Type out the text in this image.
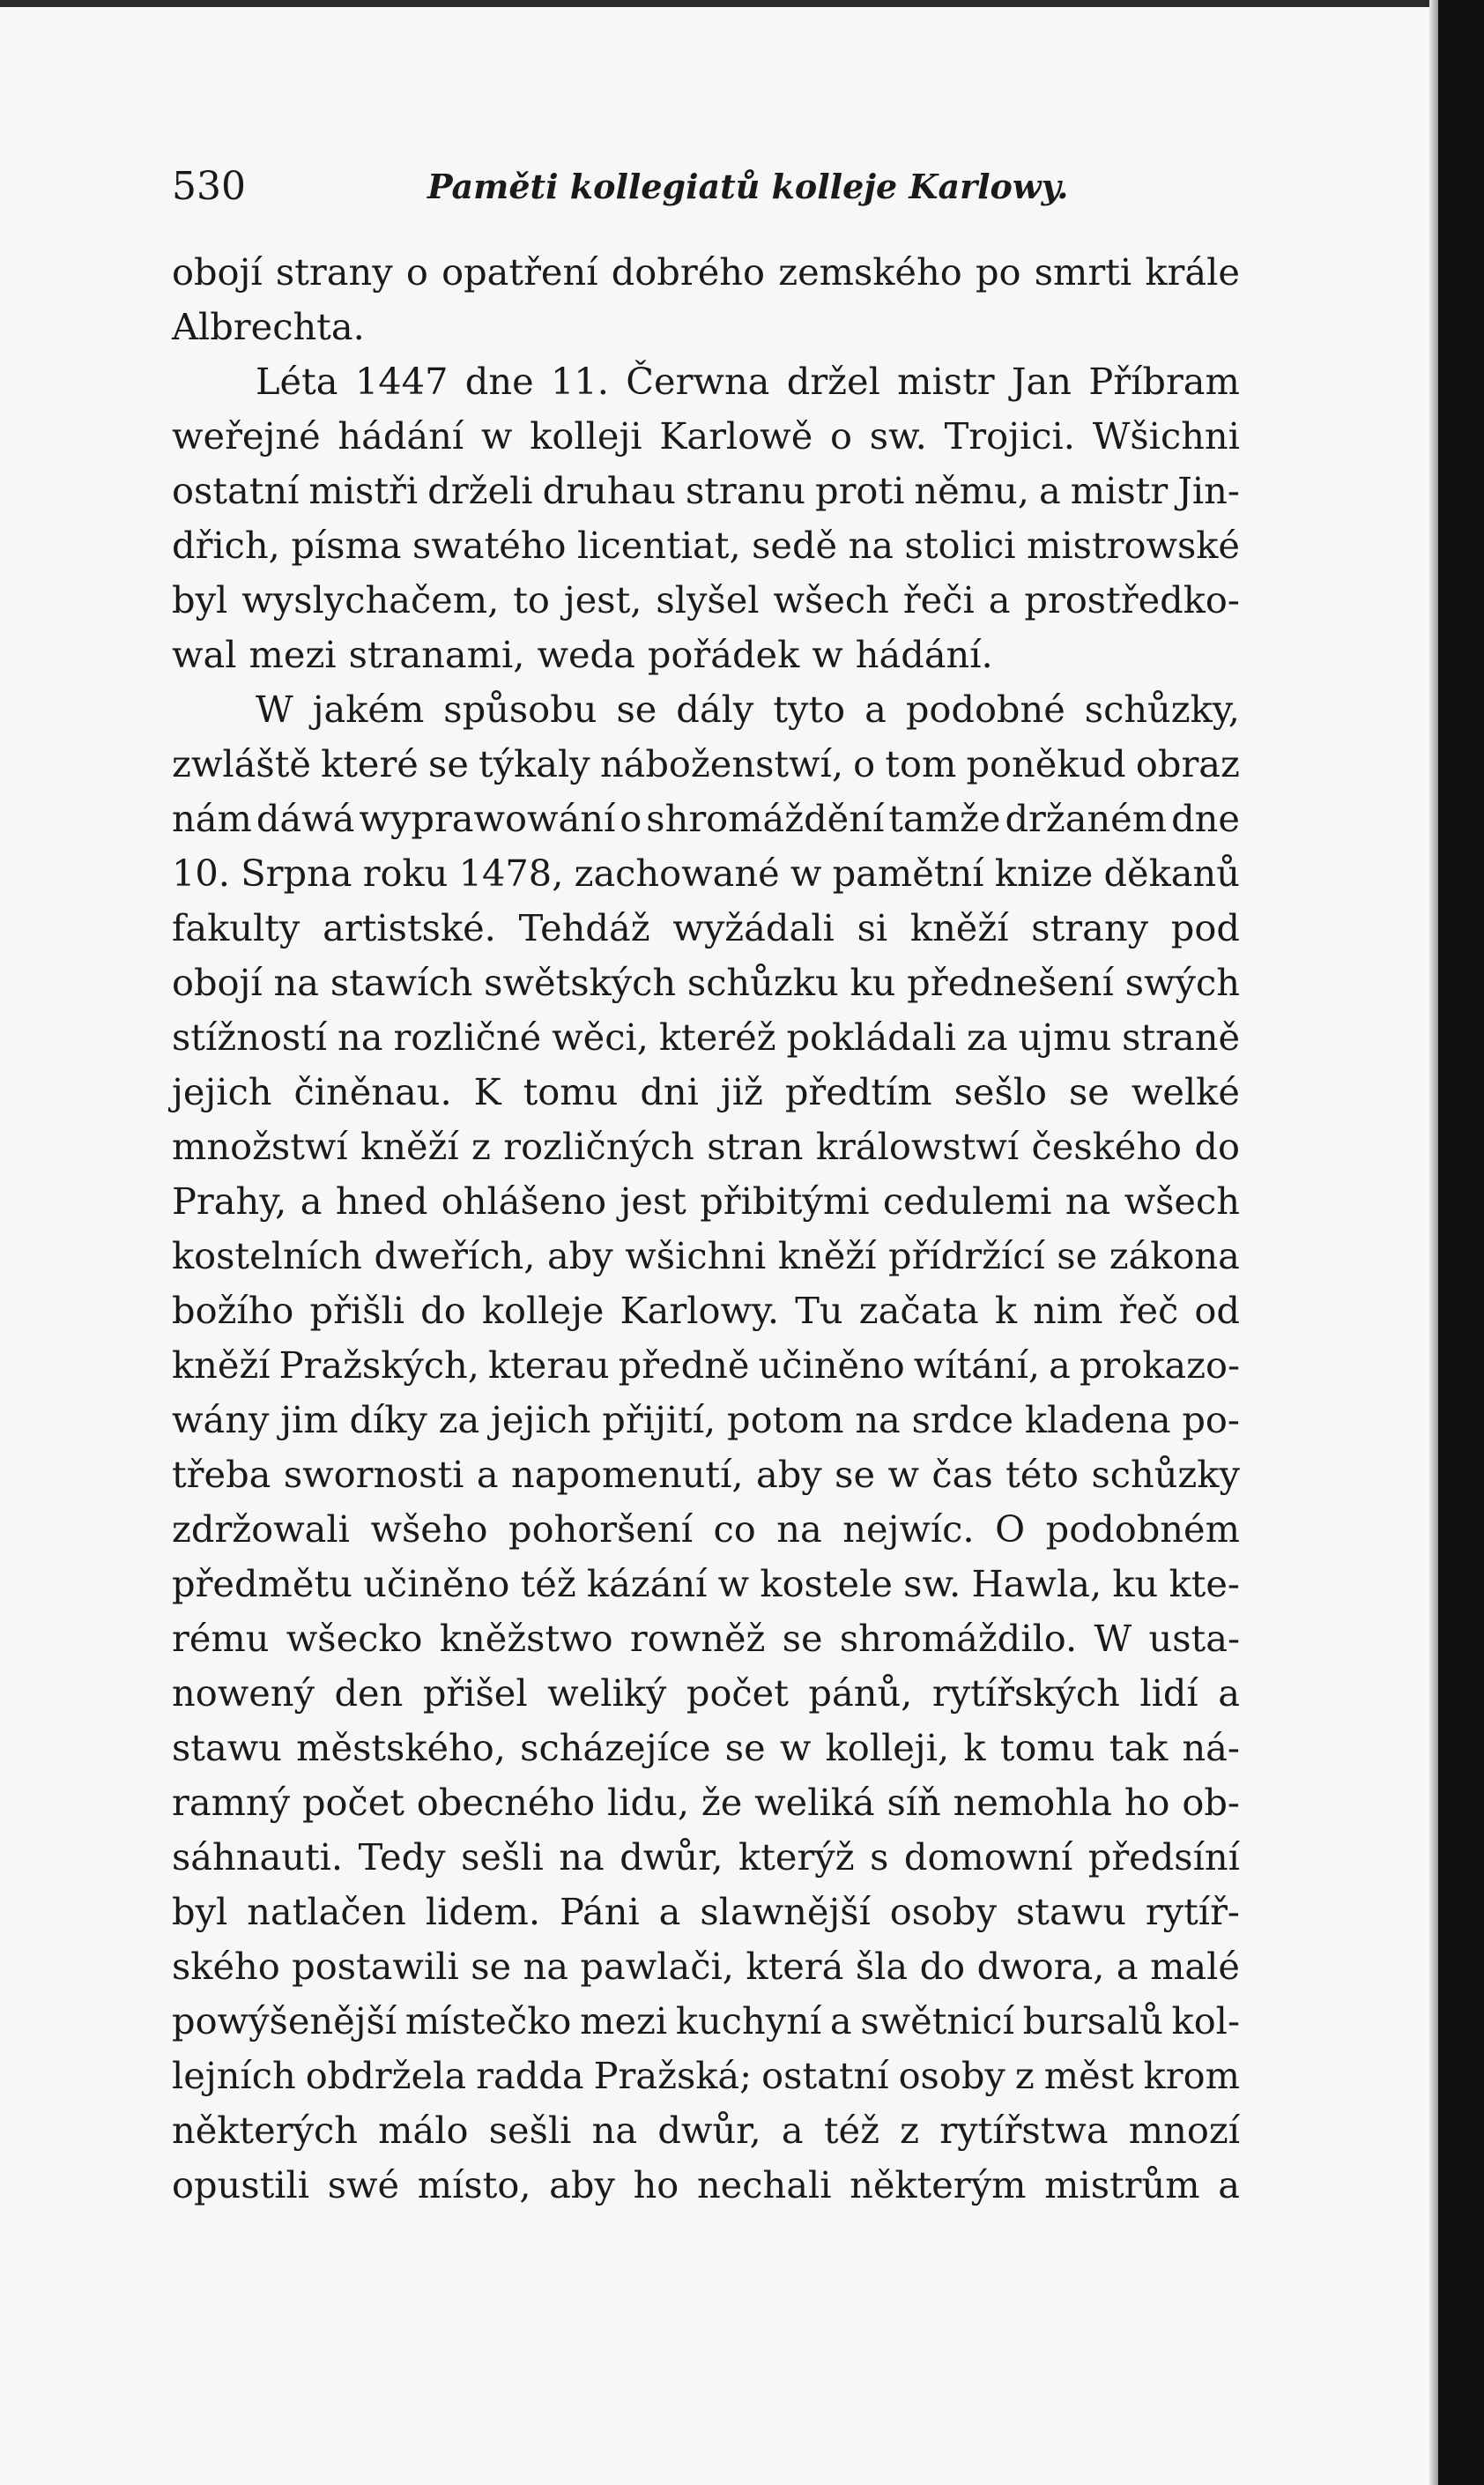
530	Paměti kollegiatů kolleje Karlowy.
obojí strany o opatření dobrého zemského po smrti krále
Albrechta.
Léta 1447 dne 11. Čerwna držel mistr Jan Příbram
weřejné hádání w kolleji Karlowě o sw. Trojici. Wšichni
ostatní mistři drželi druhau stranu proti němu, a mistr Jin-
dřich, písma swatého licentiat, sedě na stolici mistrowské
byl wyslychačem, to jest, slyšel wšech řeči a prostředko-
wal mezi stranami, weda pořádek w hádání.
W jakém spůsobu se dály tyto a podobné schůzky,
zwláště které se týkaly náboženstwí, o tom poněkud obraz
nám dáwá wyprawowání o shromáždění tamže držaném dne
10. Srpna roku 1478, zachowané w pamětní knize děkanů
fakulty artistské. Tehdáž wyžádali si kněží strany pod
obojí na stawích swětských schůzku ku přednešení swých
stížností na rozličné wěci, kteréž pokládali za ujmu straně
jejich činěnau. K tomu dni již předtím sešlo se welké
množstwí kněží z rozličných stran králowstwí českého do
Prahy, a hned ohlášeno jest přibitými cedulemi na wšech
kostelních dweřích, aby wšichni kněží přídržící se zákona
božího přišli do kolleje Karlowy. Tu začata k nim řeč od
kněží Pražských, kterau předně učiněno wítání, a prokazo-
wány jim díky za jejich přijití, potom na srdce kladena po-
třeba swornosti a napomenutí, aby se w čas této schůzky
zdržowali wšeho pohoršení co na nejwíc. O podobném
předmětu učiněno též kázání w kostele sw. Hawla, ku kte-
rému wšecko kněžstwo rowněž se shromáždilo. W usta-
nowený den přišel weliký počet pánů, rytířských lidí a
stawu městského, scházejíce se w kolleji, k tomu tak ná-
ramný počet obecného lidu, že weliká síň nemohla ho ob-
sáhnauti. Tedy sešli na dwůr, kterýž s domowní předsíní
byl natlačen lidem. Páni a slawnější osoby stawu rytíř-
ského postawili se na pawlači, která šla do dwora, a malé
powýšenější místečko mezi kuchyní a swětnicí bursalů kol-
lejních obdržela radda Pražská; ostatní osoby z měst krom
některých málo sešli na dwůr, a též z rytířstwa mnozí
opustili swé místo, aby ho nechali některým mistrům a
